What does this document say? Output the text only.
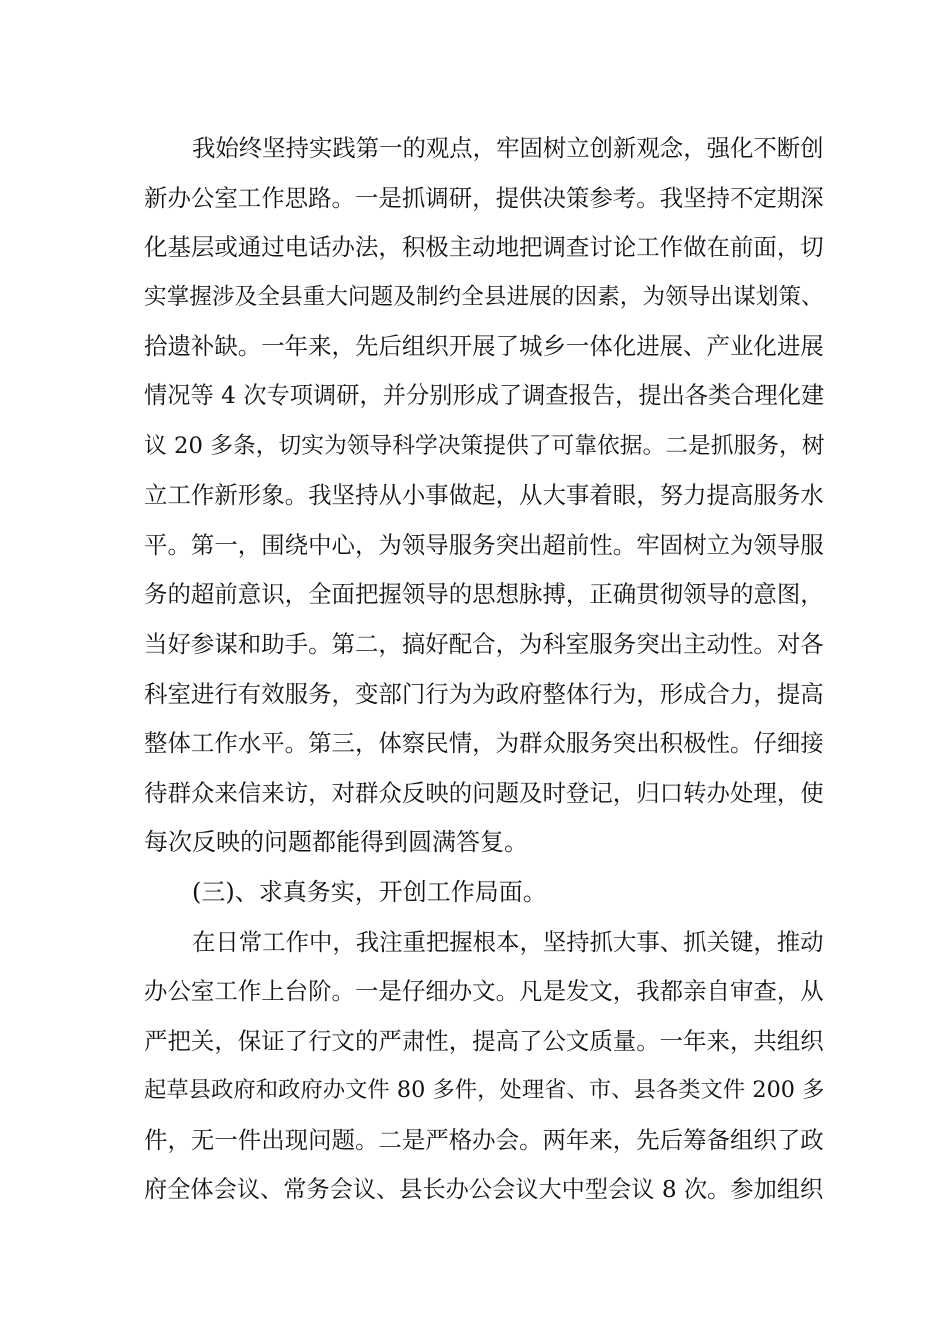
我始终坚持实践第一的观点，牢固树立创新观念，强化不断创
新办公室工作思路。一是抓调研，提供决策参考。我坚持不定期深
化基层或通过电话办法，积极主动地把调查讨论工作做在前面，切
实掌握涉及全县重大问题及制约全县进展的因素，为领导出谋划策、
拾遗补缺。一年来，先后组织开展了城乡一体化进展、产业化进展
情况等 4 次专项调研，并分别形成了调查报告，提出各类合理化建
议 20 多条，切实为领导科学决策提供了可靠依据。二是抓服务，树
立工作新形象。我坚持从小事做起，从大事着眼，努力提高服务水
平。第一，围绕中心，为领导服务突出超前性。牢固树立为领导服
务的超前意识，全面把握领导的思想脉搏，正确贯彻领导的意图，
当好参谋和助手。第二，搞好配合，为科室服务突出主动性。对各
科室进行有效服务，变部门行为为政府整体行为，形成合力，提高
整体工作水平。第三，体察民情，为群众服务突出积极性。仔细接
待群众来信来访，对群众反映的问题及时登记，归口转办处理，使
每次反映的问题都能得到圆满答复。
(三)、求真务实，开创工作局面。
在日常工作中，我注重把握根本，坚持抓大事、抓关键，推动
办公室工作上台阶。一是仔细办文。凡是发文，我都亲自审查，从
严把关，保证了行文的严肃性，提高了公文质量。一年来，共组织
起草县政府和政府办文件 80 多件，处理省、市、县各类文件 200 多
件，无一件出现问题。二是严格办会。两年来，先后筹备组织了政
府全体会议、常务会议、县长办公会议大中型会议 8 次。参加组织
